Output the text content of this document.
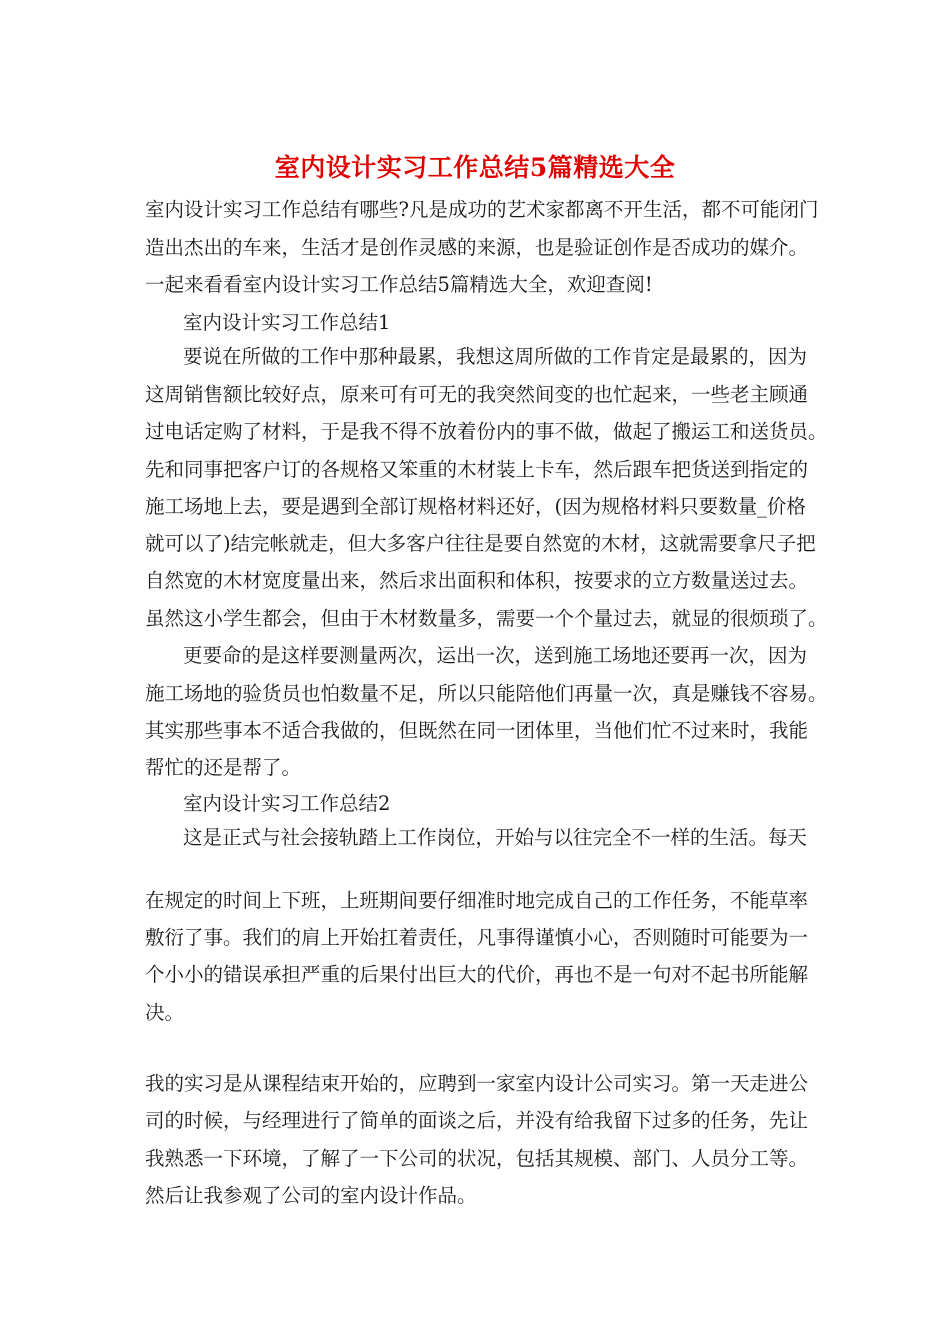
室内设计实习工作总结5篇精选大全
室内设计实习工作总结有哪些?凡是成功的艺术家都离不开生活，都不可能闭门
造出杰出的车来，生活才是创作灵感的来源，也是验证创作是否成功的媒介。
一起来看看室内设计实习工作总结5篇精选大全，欢迎查阅!
室内设计实习工作总结1
要说在所做的工作中那种最累，我想这周所做的工作肯定是最累的，因为
这周销售额比较好点，原来可有可无的我突然间变的也忙起来，一些老主顾通
过电话定购了材料，于是我不得不放着份内的事不做，做起了搬运工和送货员。
先和同事把客户订的各规格又笨重的木材装上卡车，然后跟车把货送到指定的
施工场地上去，要是遇到全部订规格材料还好，(因为规格材料只要数量_价格
就可以了)结完帐就走，但大多客户往往是要自然宽的木材，这就需要拿尺子把
自然宽的木材宽度量出来，然后求出面积和体积，按要求的立方数量送过去。
虽然这小学生都会，但由于木材数量多，需要一个个量过去，就显的很烦琐了。
更要命的是这样要测量两次，运出一次，送到施工场地还要再一次，因为
施工场地的验货员也怕数量不足，所以只能陪他们再量一次，真是赚钱不容易。
其实那些事本不适合我做的，但既然在同一团体里，当他们忙不过来时，我能
帮忙的还是帮了。
室内设计实习工作总结2
这是正式与社会接轨踏上工作岗位，开始与以往完全不一样的生活。每天
在规定的时间上下班，上班期间要仔细准时地完成自己的工作任务，不能草率
敷衍了事。我们的肩上开始扛着责任，凡事得谨慎小心，否则随时可能要为一
个小小的错误承担严重的后果付出巨大的代价，再也不是一句对不起书所能解
决。
我的实习是从课程结束开始的，应聘到一家室内设计公司实习。第一天走进公
司的时候，与经理进行了简单的面谈之后，并没有给我留下过多的任务，先让
我熟悉一下环境，了解了一下公司的状况，包括其规模、部门、人员分工等。
然后让我参观了公司的室内设计作品。
